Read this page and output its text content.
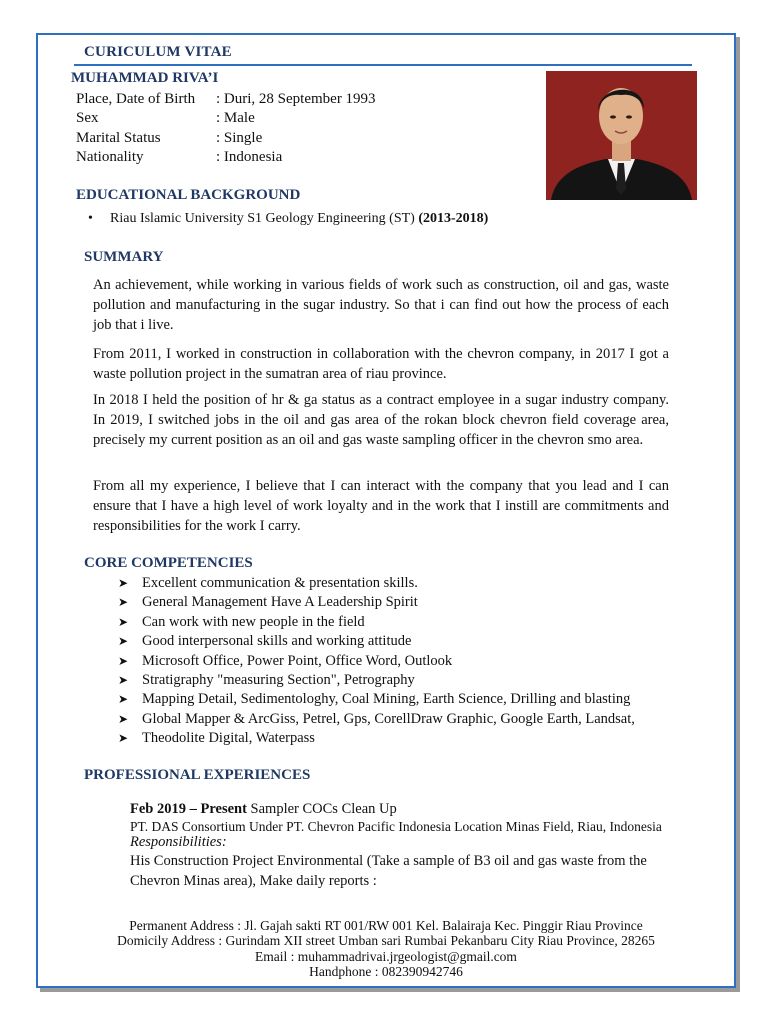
CURICULUM VITAE
MUHAMMAD RIVA’I
Place, Date of Birth : Duri, 28 September 1993
Sex	: Male
Marital Status	: Single
Nationality	: Indonesia
EDUCATIONAL BACKGROUND
• Riau Islamic University S1 Geology Engineering (ST) (2013-2018)
SUMMARY

An achievement, while working in various fields of work such as construction, oil and gas, waste pollution and manufacturing in the sugar industry. So that i can find out how the process of each job that i live.

From 2011, I worked in construction in collaboration with the chevron company, in 2017 I got a waste pollution project in the sumatran area of riau province.

In 2018 I held the position of hr & ga status as a contract employee in a sugar industry company. In 2019, I switched jobs in the oil and gas area of the rokan block chevron field coverage area, precisely my current position as an oil and gas waste sampling officer in the chevron smo area.

From all my experience, I believe that I can interact with the company that you lead and I can ensure that I have a high level of work loyalty and in the work that I instill are commitments and responsibilities for the work I carry.

CORE COMPETENCIES
➤ Excellent communication & presentation skills.
➤ General Management Have A Leadership Spirit
➤ Can work with new people in the field
➤ Good interpersonal skills and working attitude
➤ Microsoft Office, Power Point, Office Word, Outlook
➤ Stratigraphy "measuring Section", Petrography
➤ Mapping Detail, Sedimentologhy, Coal Mining, Earth Science, Drilling and blasting
➤ Global Mapper & ArcGiss, Petrel, Gps, CorellDraw Graphic, Google Earth, Landsat,
➤ Theodolite Digital, Waterpass
PROFESSIONAL EXPERIENCES
Feb 2019 – Present Sampler COCs Clean Up
PT. DAS Consortium Under PT. Chevron Pacific Indonesia Location Minas Field, Riau, Indonesia
Responsibilities:
His Construction Project Environmental (Take a sample of B3 oil and gas waste from the
Chevron Minas area), Make daily reports :
Permanent Address : Jl. Gajah sakti RT 001/RW 001 Kel. Balairaja Kec. Pinggir Riau Province
Domicily Address : Gurindam XII street Umban sari Rumbai Pekanbaru City Riau Province, 28265
Email : muhammadrivai.jrgeologist@gmail.com
Handphone : 082390942746
